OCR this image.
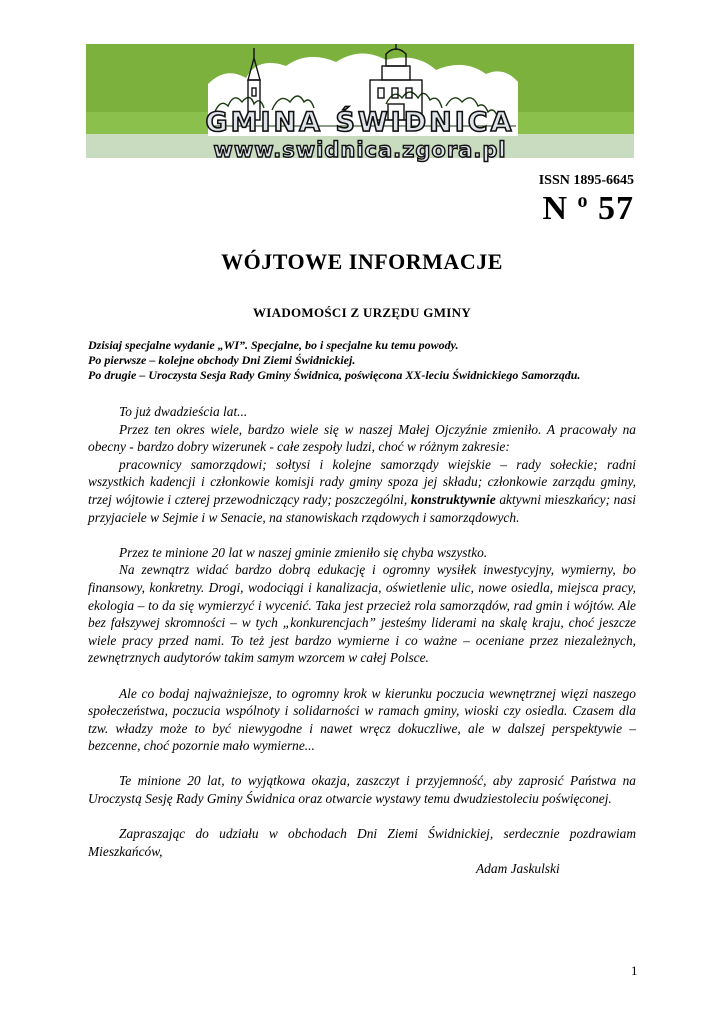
GMINA ŚWIDNICA
www.swidnica.zgora.pl
ISSN 1895-6645
N $^o$ 57
WÓJTOWE INFORMACJE
WIADOMOŚCI Z URZĘDU GMINY

Dzisiaj specjalne wydanie „WI”. Specjalne, bo i specjalne ku temu powody.

Po pierwsze – kolejne obchody Dni Ziemi Świdnickiej.

Po drugie – Uroczysta Sesja Rady Gminy Świdnica, poświęcona XX-leciu Świdnickiego Samorządu.

To już dwadzieścia lat...

Przez ten okres wiele, bardzo wiele się w naszej Małej Ojczyźnie zmieniło. A pracowały na obecny - bardzo dobry wizerunek - całe zespoły ludzi, choć w różnym zakresie:

pracownicy samorządowi; sołtysi i kolejne samorządy wiejskie – rady sołeckie; radni wszystkich kadencji i członkowie komisji rady gminy spoza jej składu; członkowie zarządu gminy, trzej wójtowie i czterej przewodniczący rady; poszczególni, konstruktywnie aktywni mieszkańcy; nasi przyjaciele w Sejmie i w Senacie, na stanowiskach rządowych i samorządowych.

Przez te minione 20 lat w naszej gminie zmieniło się chyba wszystko.

Na zewnątrz widać bardzo dobrą edukację i ogromny wysiłek inwestycyjny, wymierny, bo finansowy, konkretny. Drogi, wodociągi i kanalizacja, oświetlenie ulic, nowe osiedla, miejsca pracy, ekologia – to da się wymierzyć i wycenić. Taka jest przecież rola samorządów, rad gmin i wójtów. Ale bez fałszywej skromności – w tych „konkurencjach” jesteśmy liderami na skalę kraju, choć jeszcze wiele pracy przed nami. To też jest bardzo wymierne i co ważne – oceniane przez niezależnych, zewnętrznych audytorów takim samym wzorcem w całej Polsce.

Ale co bodaj najważniejsze, to ogromny krok w kierunku poczucia wewnętrznej więzi naszego społeczeństwa, poczucia wspólnoty i solidarności w ramach gminy, wioski czy osiedla. Czasem dla tzw. władzy może to być niewygodne i nawet wręcz dokuczliwe, ale w dalszej perspektywie – bezcenne, choć pozornie mało wymierne...

Te minione 20 lat, to wyjątkowa okazja, zaszczyt i przyjemność, aby zaprosić Państwa na Uroczystą Sesję Rady Gminy Świdnica oraz otwarcie wystawy temu dwudziestoleciu poświęconej.

Zapraszając do udziału w obchodach Dni Ziemi Świdnickiej, serdecznie pozdrawiam Mieszkańców,

Adam Jaskulski

1
